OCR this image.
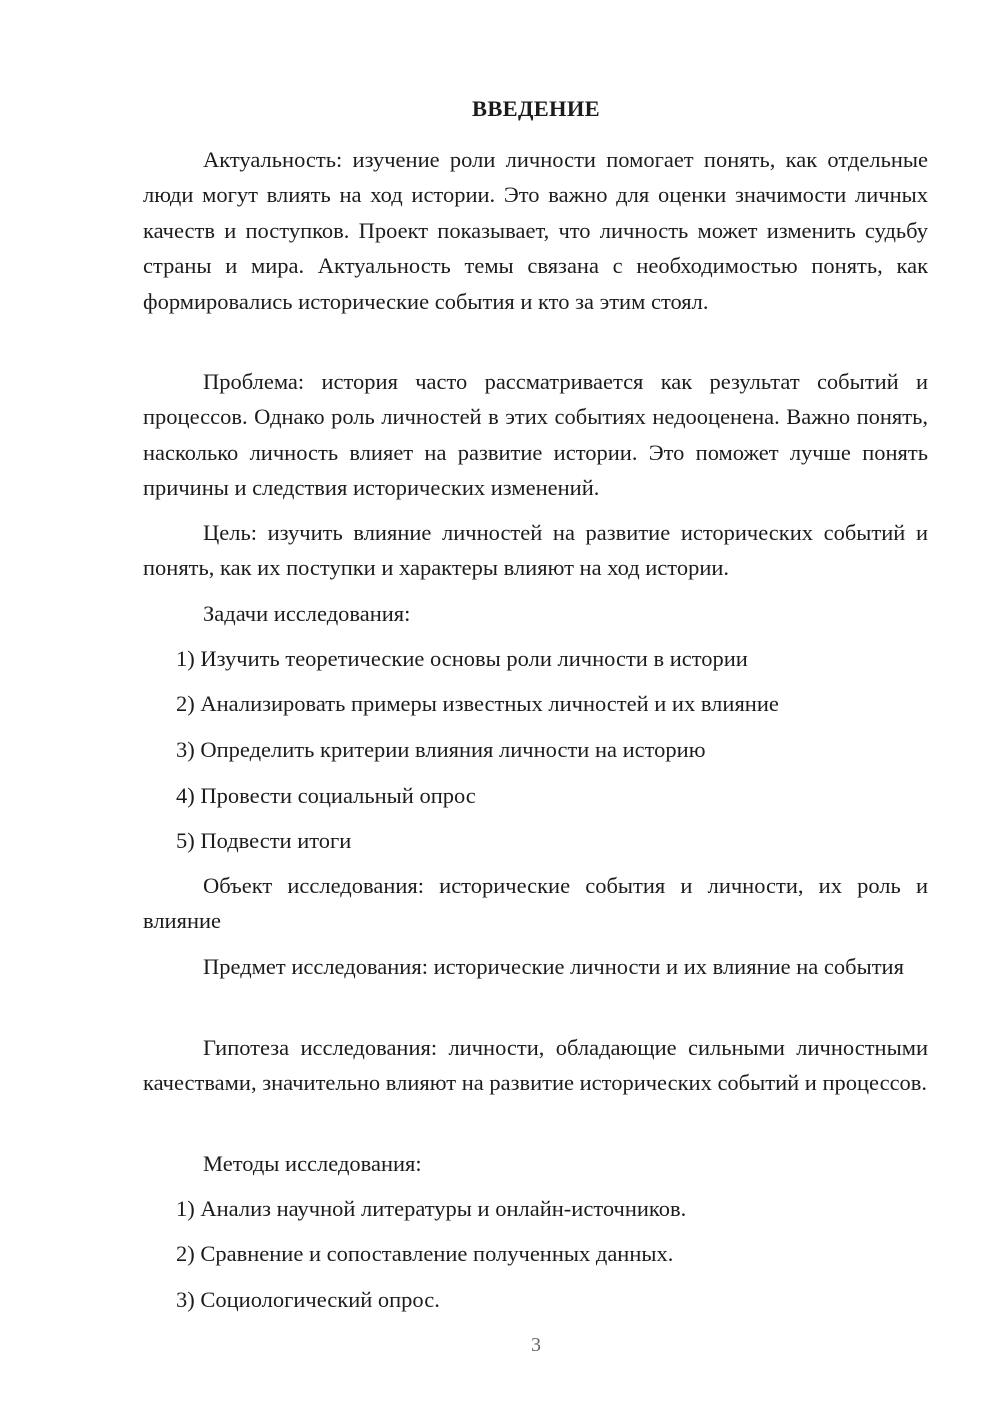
ВВЕДЕНИЕ

Актуальность: изучение роли личности помогает понять, как отдельные люди могут влиять на ход истории. Это важно для оценки значимости личных качеств и поступков. Проект показывает, что личность может изменить судьбу страны и мира. Актуальность темы связана с необходимостью понять, как формировались исторические события и кто за этим стоял.

Проблема: история часто рассматривается как результат событий и процессов. Однако роль личностей в этих событиях недооценена. Важно понять, насколько личность влияет на развитие истории. Это поможет лучше понять причины и следствия исторических изменений.

Цель: изучить влияние личностей на развитие исторических событий и понять, как их поступки и характеры влияют на ход истории.

Задачи исследования:
1) Изучить теоретические основы роли личности в истории
2) Анализировать примеры известных личностей и их влияние
3) Определить критерии влияния личности на историю
4) Провести социальный опрос
5) Подвести итоги

Объект исследования: исторические события и личности, их роль и влияние

Предмет исследования: исторические личности и их влияние на события

Гипотеза исследования: личности, обладающие сильными личностными качествами, значительно влияют на развитие исторических событий и процессов.

Методы исследования:
1) Анализ научной литературы и онлайн-источников.
2) Сравнение и сопоставление полученных данных.
3) Социологический опрос.
3
